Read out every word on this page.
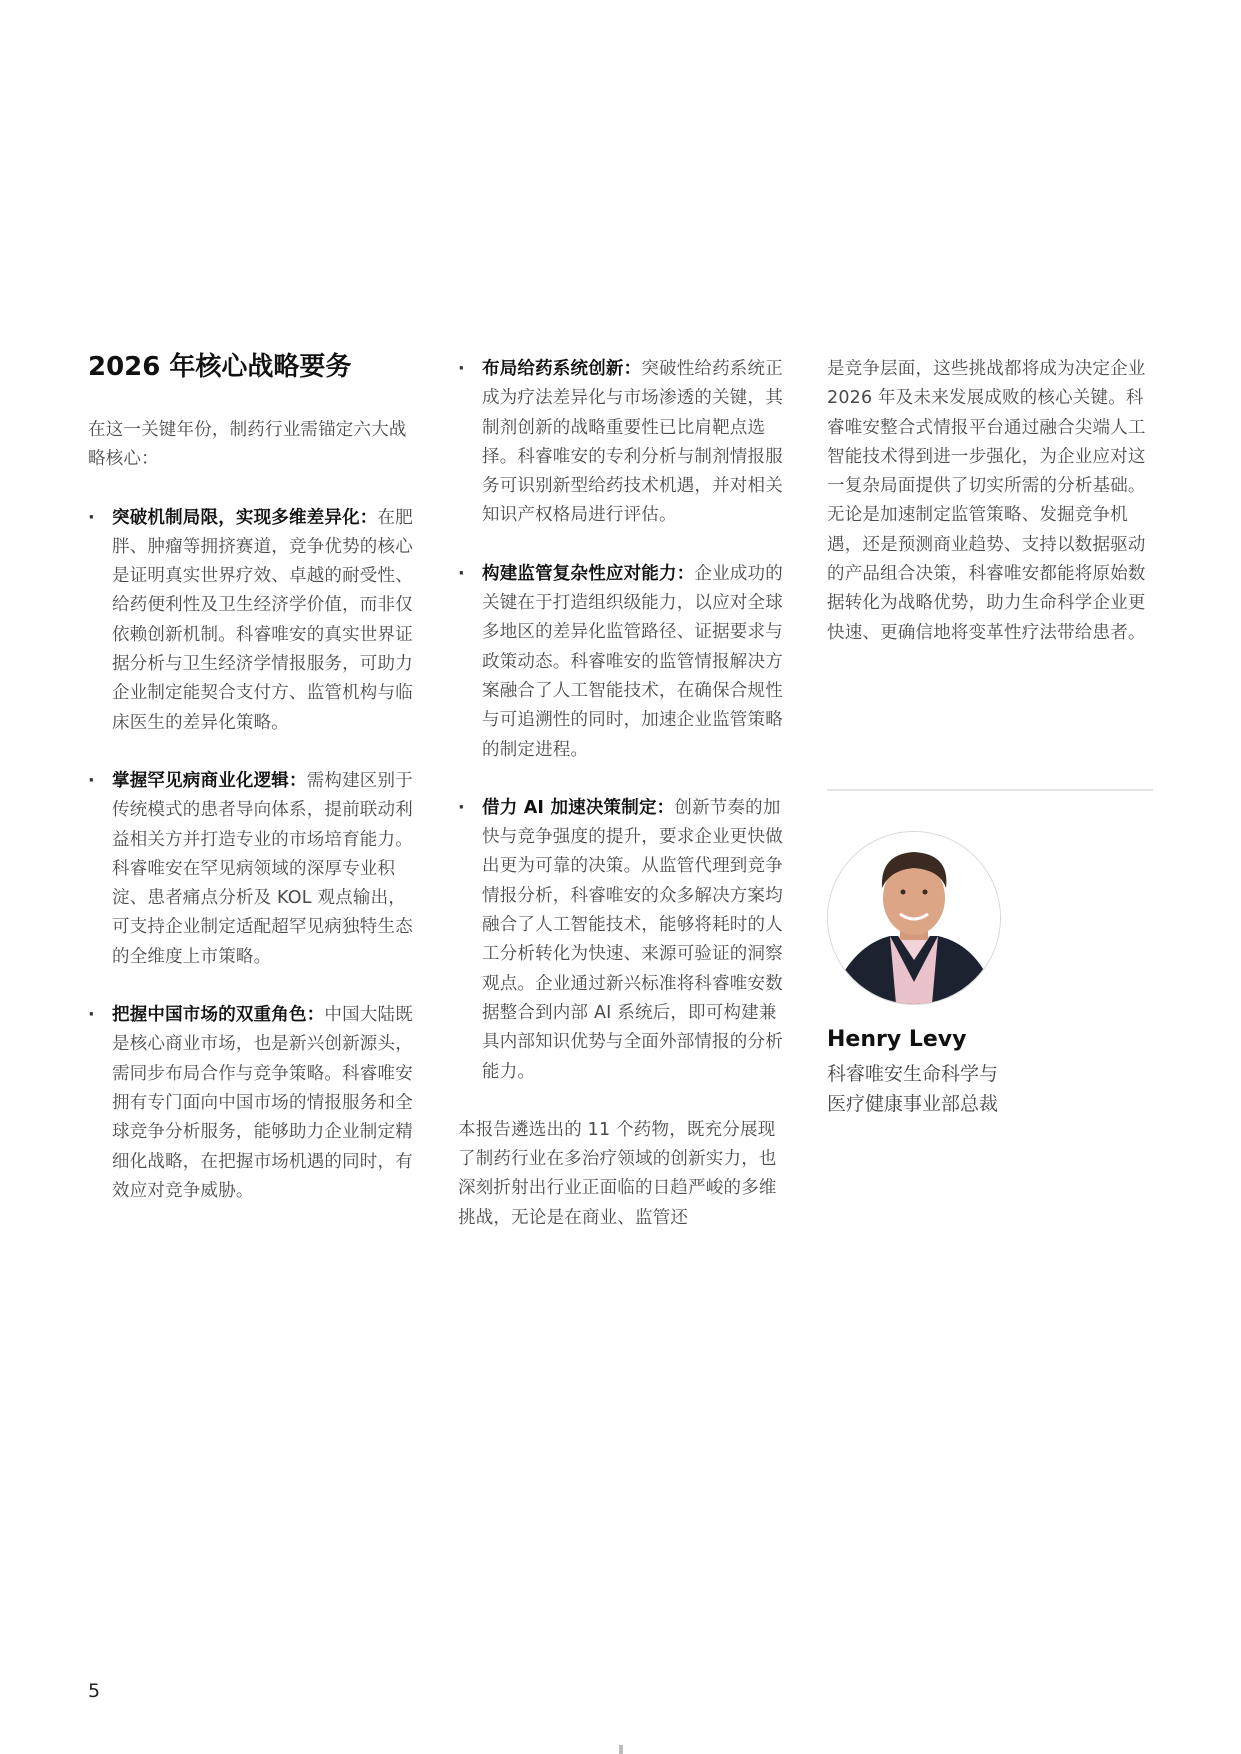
2026 年核心战略要务

在这一关键年份，制药行业需锚定六大战略核心：

· 突破机制局限，实现多维差异化：在肥胖、肿瘤等拥挤赛道，竞争优势的核心是证明真实世界疗效、卓越的耐受性、给药便利性及卫生经济学价值，而非仅依赖创新机制。科睿唯安的真实世界证据分析与卫生经济学情报服务，可助力企业制定能契合支付方、监管机构与临床医生的差异化策略。
· 掌握罕见病商业化逻辑：需构建区别于传统模式的患者导向体系，提前联动利益相关方并打造专业的市场培育能力。科睿唯安在罕见病领域的深厚专业积淀、患者痛点分析及 KOL 观点输出，可支持企业制定适配超罕见病独特生态的全维度上市策略。
· 把握中国市场的双重角色：中国大陆既是核心商业市场，也是新兴创新源头，需同步布局合作与竞争策略。科睿唯安拥有专门面向中国市场的情报服务和全球竞争分析服务，能够助力企业制定精细化战略，在把握市场机遇的同时，有效应对竞争威胁。
· 布局给药系统创新：突破性给药系统正成为疗法差异化与市场渗透的关键，其制剂创新的战略重要性已比肩靶点选择。科睿唯安的专利分析与制剂情报服务可识别新型给药技术机遇，并对相关知识产权格局进行评估。
· 构建监管复杂性应对能力：企业成功的关键在于打造组织级能力，以应对全球多地区的差异化监管路径、证据要求与政策动态。科睿唯安的监管情报解决方案融合了人工智能技术，在确保合规性与可追溯性的同时，加速企业监管策略的制定进程。
· 借力 AI 加速决策制定：创新节奏的加快与竞争强度的提升，要求企业更快做出更为可靠的决策。从监管代理到竞争情报分析，科睿唯安的众多解决方案均融合了人工智能技术，能够将耗时的人工分析转化为快速、来源可验证的洞察观点。企业通过新兴标准将科睿唯安数据整合到内部 AI 系统后，即可构建兼具内部知识优势与全面外部情报的分析能力。

本报告遴选出的 11 个药物，既充分展现了制药行业在多治疗领域的创新实力，也深刻折射出行业正面临的日趋严峻的多维挑战，无论是在商业、监管还

是竞争层面，这些挑战都将成为决定企业 2026 年及未来发展成败的核心关键。科睿唯安整合式情报平台通过融合尖端人工智能技术得到进一步强化，为企业应对这一复杂局面提供了切实所需的分析基础。无论是加速制定监管策略、发掘竞争机遇，还是预测商业趋势、支持以数据驱动的产品组合决策，科睿唯安都能将原始数据转化为战略优势，助力生命科学企业更快速、更确信地将变革性疗法带给患者。

Henry Levy
科睿唯安生命科学与
医疗健康事业部总裁
5
